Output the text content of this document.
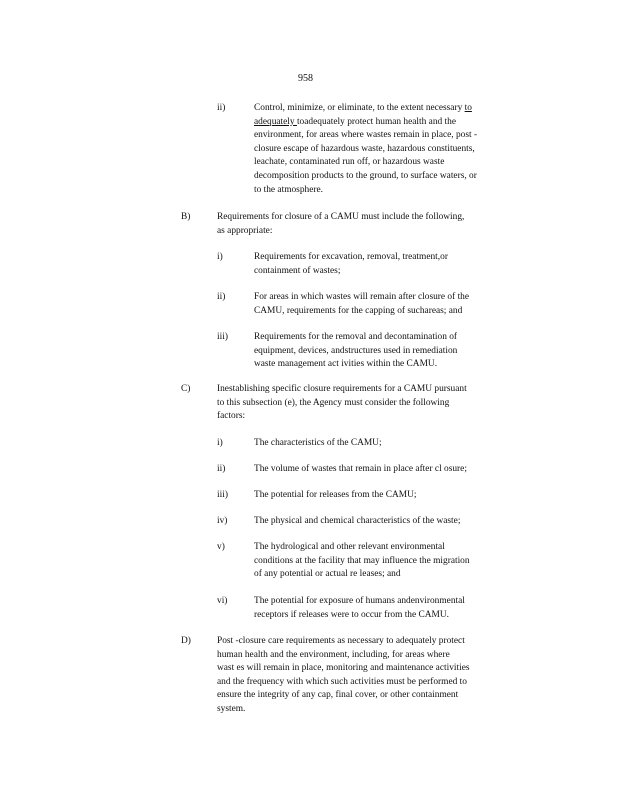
958
ii)	Control, minimize, or eliminate, to the extent necessary to
adequately toadequately protect human health and the
environment, for areas where wastes remain in place, post -
closure escape of hazardous waste, hazardous constituents,
leachate, contaminated run off, or hazardous waste
decomposition products to the ground, to surface waters, or
to the atmosphere.
B)	Requirements for closure of a CAMU must include the following,
as appropriate:
i)	Requirements for excavation, removal, treatment,or
containment of wastes;
ii)	For areas in which wastes will remain after closure of the
CAMU, requirements for the capping of suchareas; and
iii)	Requirements for the removal and decontamination of
equipment, devices, andstructures used in remediation
waste management act ivities within the CAMU.
C)	Inestablishing specific closure requirements for a CAMU pursuant
to this subsection (e), the Agency must consider the following
factors:
i)	The characteristics of the CAMU;
ii)	The volume of wastes that remain in place after cl osure;
iii)	The potential for releases from the CAMU;
iv)	The physical and chemical characteristics of the waste;
v)	The hydrological and other relevant environmental
conditions at the facility that may influence the migration
of any potential or actual re leases; and
vi)	The potential for exposure of humans andenvironmental
receptors if releases were to occur from the CAMU.
D)	Post -closure care requirements as necessary to adequately protect
human health and the environment, including, for areas where
wast es will remain in place, monitoring and maintenance activities
and the frequency with which such activities must be performed to
ensure the integrity of any cap, final cover, or other containment
system.
